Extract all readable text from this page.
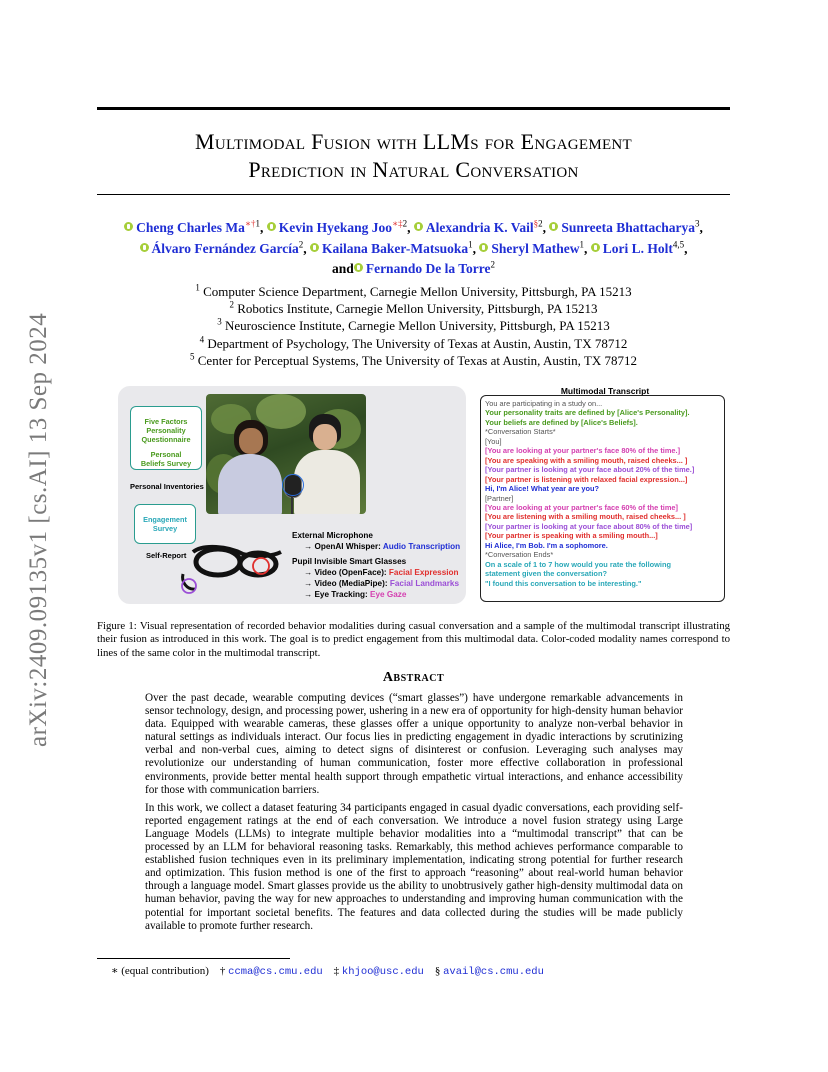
arXiv:2409.09135v1 [cs.AI] 13 Sep 2024
Multimodal Fusion with LLMs for Engagement
Prediction in Natural Conversation
Cheng Charles $Ma^{∗\dagger 1}$, Kevin Hyekang Joo$^{∗\ddagger 2}$, Alexandria K. Vail$^{\S 2}$, Sunreeta Bhattacharya$^3$,
Álvaro Fernández García$^2$, Kailana Baker-Matsuoka$^1$, Sheryl Mathew$^1$, Lori L. Holt$^{4,5}$,
and Fernando De la Torre$^2$
$^1$ Computer Science Department, Carnegie Mellon University, Pittsburgh, PA 15213
$^2$ Robotics Institute, Carnegie Mellon University, Pittsburgh, PA 15213
$^3$ Neuroscience Institute, Carnegie Mellon University, Pittsburgh, PA 15213
$^4$ Department of Psychology, The University of Texas at Austin, Austin, TX 78712
$^5$ Center for Perceptual Systems, The University of Texas at Austin, Austin, TX 78712
Five Factors
Personality
Questionnaire
Personal
Beliefs Survey
Personal Inventories
Engagement
Survey
Self-Report
External Microphone
→ OpenAI Whisper: Audio Transcription
Pupil Invisible Smart Glasses
→ Video (OpenFace): Facial Expression
→ Video (MediaPipe): Facial Landmarks
→ Eye Tracking: Eye Gaze
Multimodal Transcript
You are participating in a study on...
Your personality traits are defined by [Alice's Personality].
Your beliefs are defined by [Alice's Beliefs].
*Conversation Starts*
[You]
[You are looking at your partner's face 80% of the time.]
[You are speaking with a smiling mouth, raised cheeks... ]
[Your partner is looking at your face about 20% of the time.]
[Your partner is listening with relaxed facial expression...]
Hi, I'm Alice! What year are you?
[Partner]
[You are looking at your partner's face 60% of the time]
[You are listening with a smiling mouth, raised cheeks... ]
[Your partner is looking at your face about 80% of the time]
[Your partner is speaking with a smiling mouth...]
Hi Alice, I'm Bob. I'm a sophomore.
*Conversation Ends*
On a scale of 1 to 7 how would you rate the following
statement given the conversation?
"I found this conversation to be interesting."
Figure 1: Visual representation of recorded behavior modalities during casual conversation and a sample of the multimodal transcript illustrating their fusion as introduced in this work. The goal is to predict engagement from this multimodal data. Color-coded modality names correspond to lines of the same color in the multimodal transcript.
Abstract

Over the past decade, wearable computing devices (“smart glasses”) have undergone remarkable advancements in sensor technology, design, and processing power, ushering in a new era of opportunity for high-density human behavior data. Equipped with wearable cameras, these glasses offer a unique opportunity to analyze non-verbal behavior in natural settings as individuals interact. Our focus lies in predicting engagement in dyadic interactions by scrutinizing verbal and non-verbal cues, aiming to detect signs of disinterest or confusion. Leveraging such analyses may revolutionize our understanding of human communication, foster more effective collaboration in professional environments, provide better mental health support through empathetic virtual interactions, and enhance accessibility for those with communication barriers.

In this work, we collect a dataset featuring 34 participants engaged in casual dyadic conversations, each providing self-reported engagement ratings at the end of each conversation. We introduce a novel fusion strategy using Large Language Models (LLMs) to integrate multiple behavior modalities into a “multimodal transcript” that can be processed by an LLM for behavioral reasoning tasks. Remarkably, this method achieves performance comparable to established fusion techniques even in its preliminary implementation, indicating strong potential for further research and optimization. This fusion method is one of the first to approach “reasoning” about real-world human behavior through a language model. Smart glasses provide us the ability to unobtrusively gather high-density multimodal data on human behavior, paving the way for new approaches to understanding and improving human communication with the potential for important societal benefits. The features and data collected during the studies will be made publicly available to promote further research.

∗ (equal contribution) † ccma@cs.cmu.edu ‡ khjoo@usc.edu § avail@cs.cmu.edu
